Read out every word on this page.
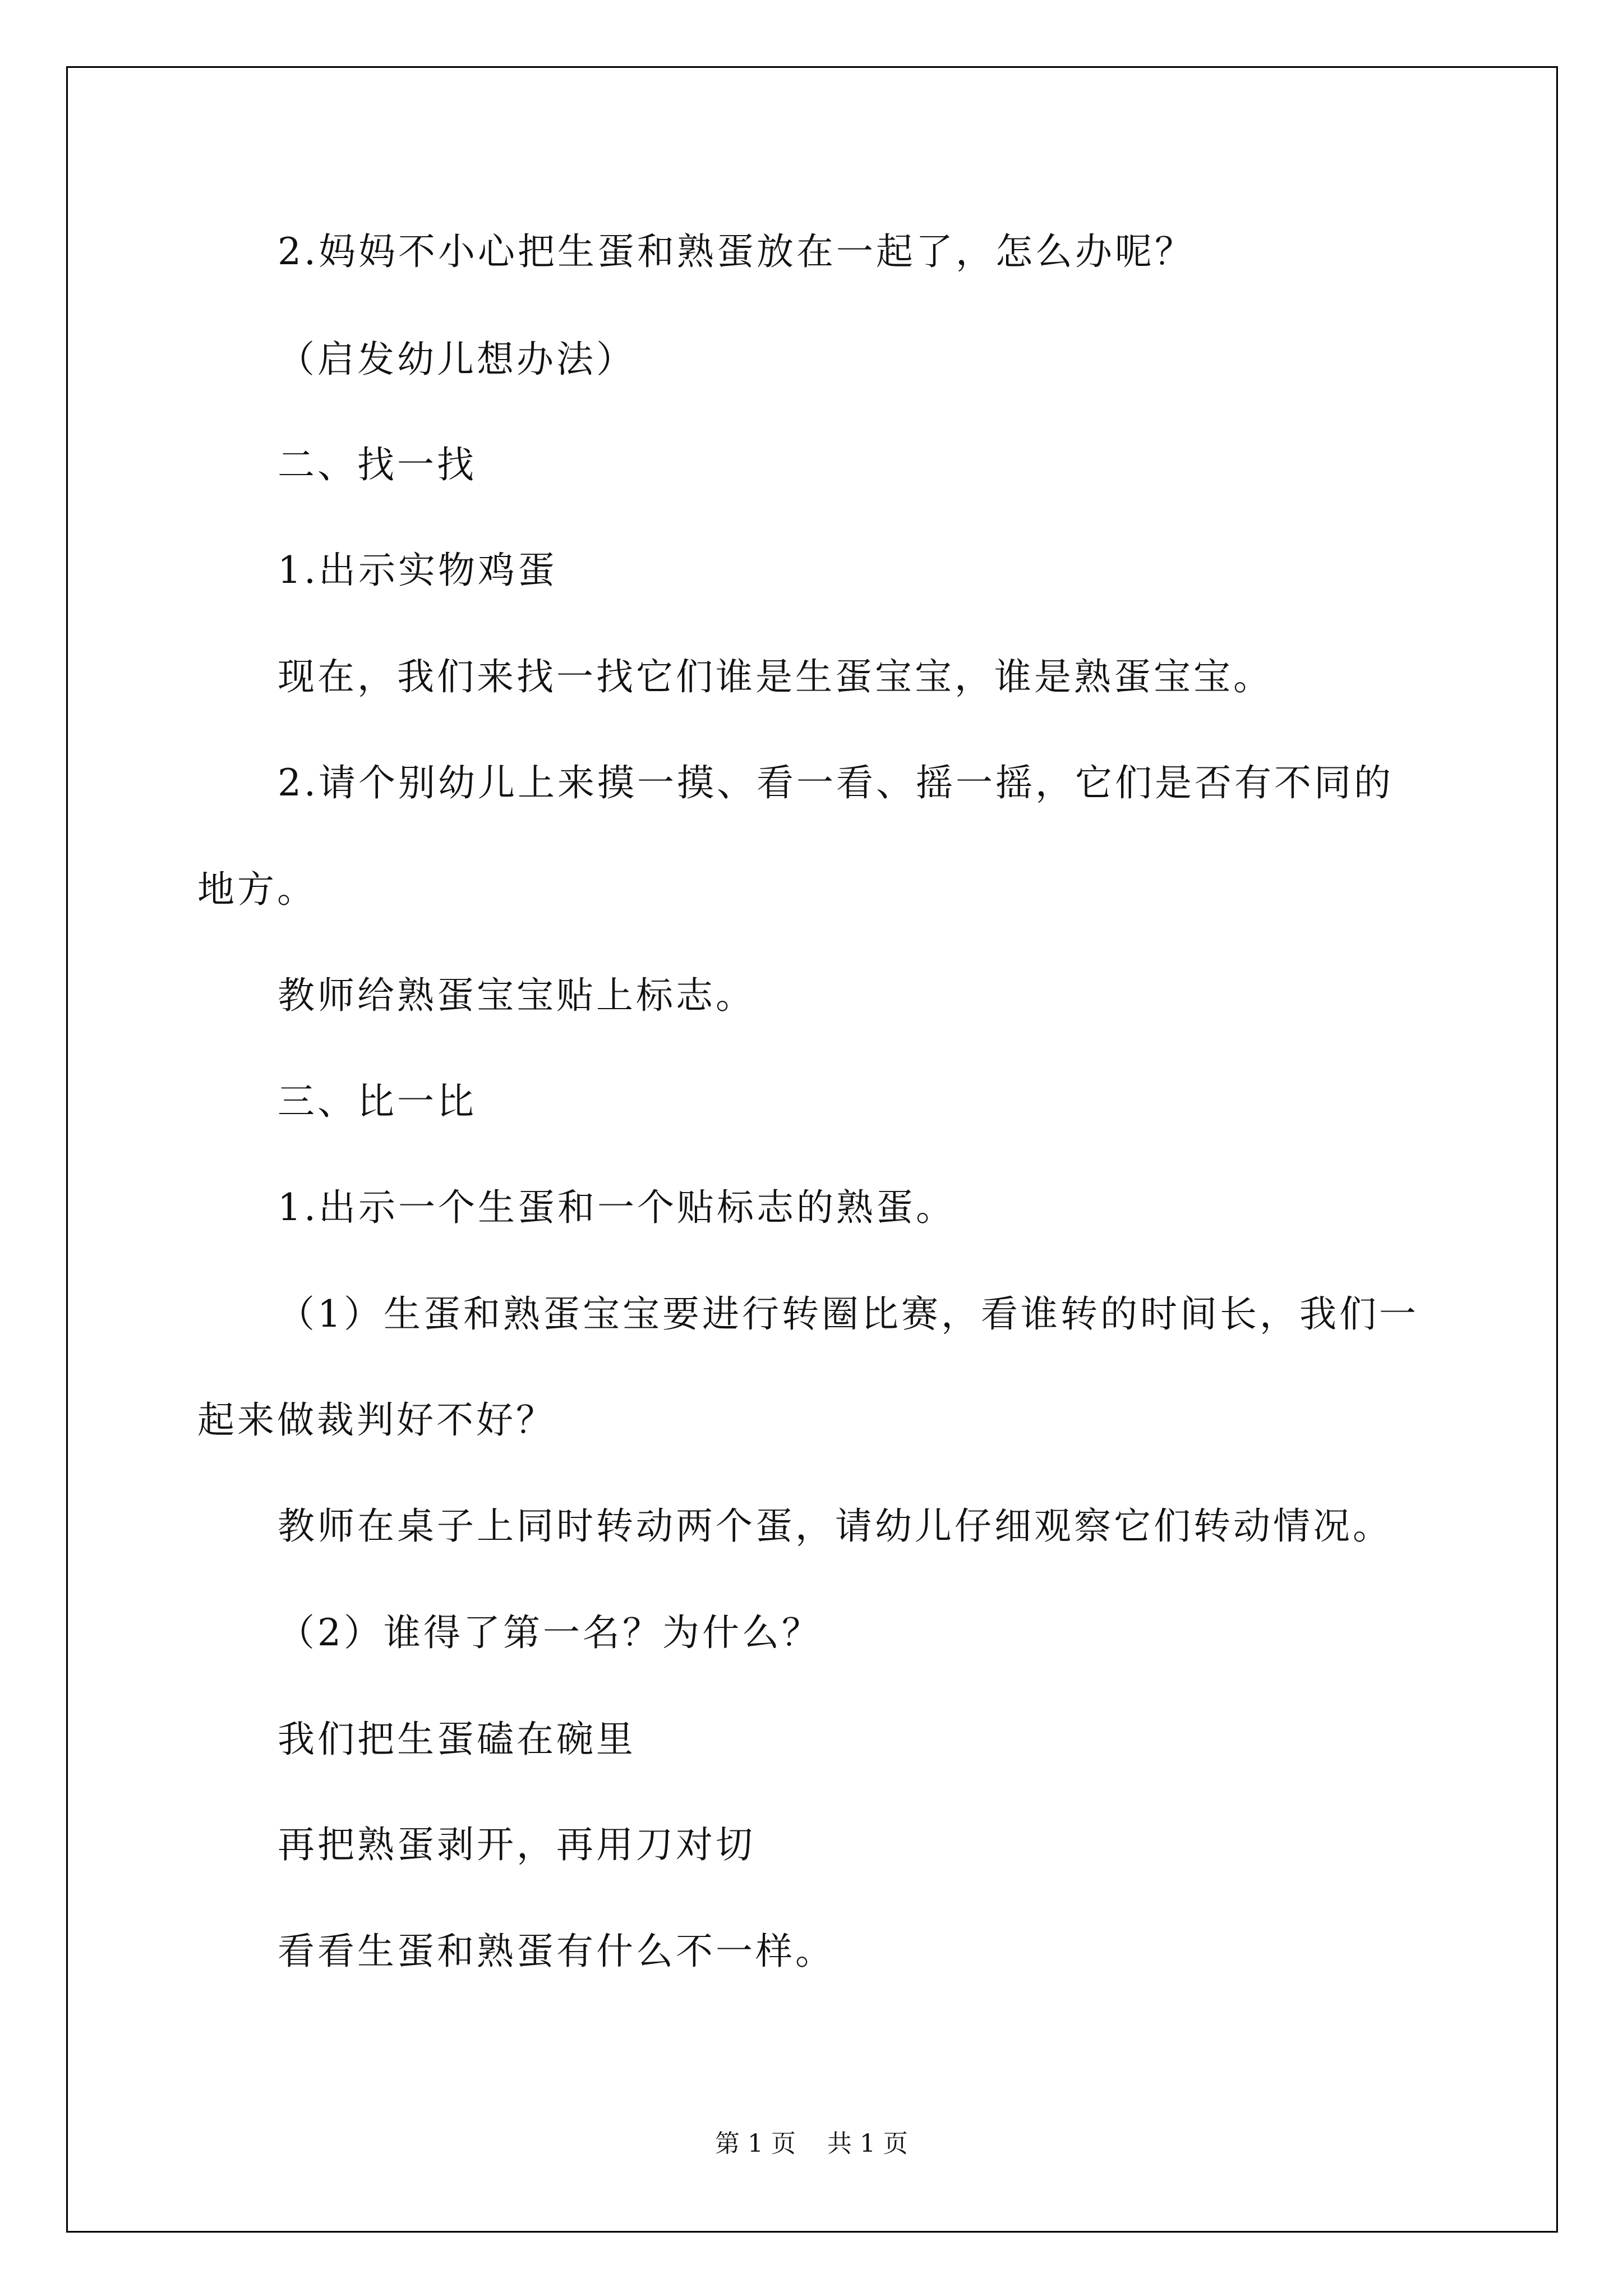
2.妈妈不小心把生蛋和熟蛋放在一起了，怎么办呢？

（启发幼儿想办法）

二、找一找

1.出示实物鸡蛋

现在，我们来找一找它们谁是生蛋宝宝，谁是熟蛋宝宝。

2.请个别幼儿上来摸一摸、看一看、摇一摇，它们是否有不同的

地方。

教师给熟蛋宝宝贴上标志。

三、比一比

1.出示一个生蛋和一个贴标志的熟蛋。

（1）生蛋和熟蛋宝宝要进行转圈比赛，看谁转的时间长，我们一

起来做裁判好不好？

教师在桌子上同时转动两个蛋，请幼儿仔细观察它们转动情况。

（2）谁得了第一名？为什么？

我们把生蛋磕在碗里

再把熟蛋剥开，再用刀对切

看看生蛋和熟蛋有什么不一样。

第 1 页    共 1 页
